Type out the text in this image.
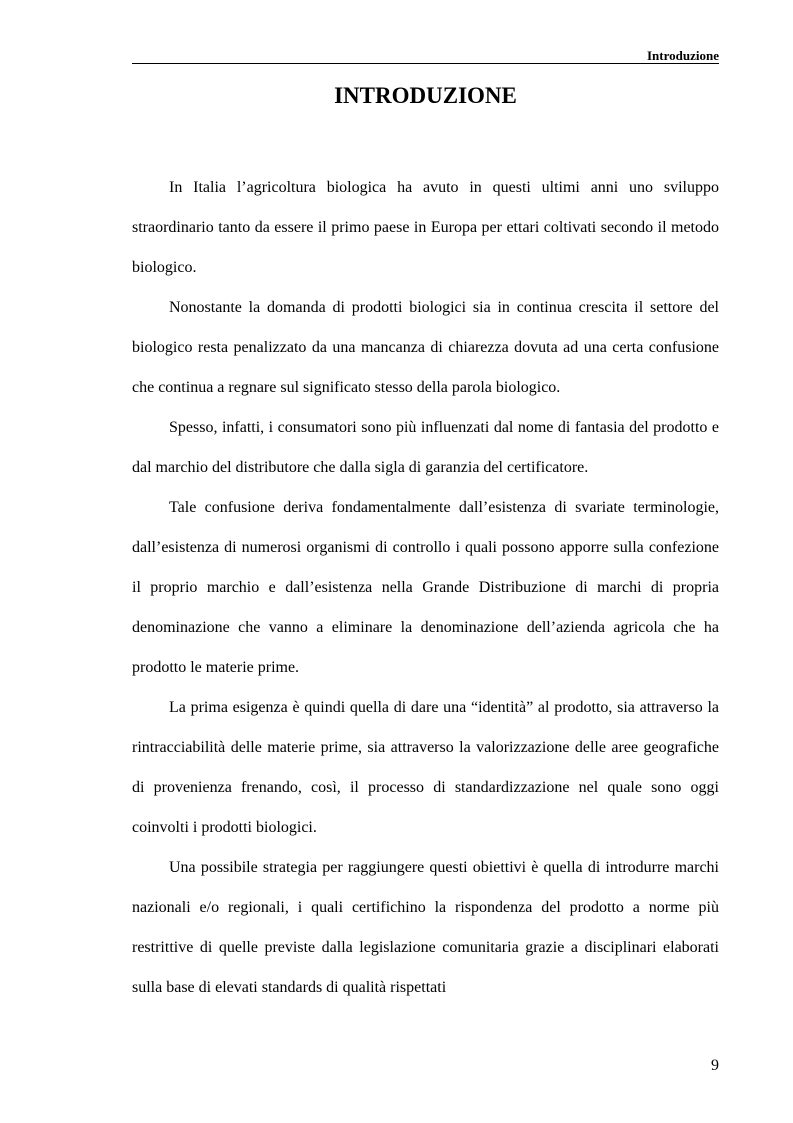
Introduzione
INTRODUZIONE

In Italia l’agricoltura biologica ha avuto in questi ultimi anni uno sviluppo straordinario tanto da essere il primo paese in Europa per ettari coltivati secondo il metodo biologico.

Nonostante la domanda di prodotti biologici sia in continua crescita il settore del biologico resta penalizzato da una mancanza di chiarezza dovuta ad una certa confusione che continua a regnare sul significato stesso della parola biologico.

Spesso, infatti, i consumatori sono più influenzati dal nome di fantasia del prodotto e dal marchio del distributore che dalla sigla di garanzia del certificatore.

Tale confusione deriva fondamentalmente dall’esistenza di svariate terminologie, dall’esistenza di numerosi organismi di controllo i quali possono apporre sulla confezione il proprio marchio e dall’esistenza nella Grande Distribuzione di marchi di propria denominazione che vanno a eliminare la denominazione dell’azienda agricola che ha prodotto le materie prime.

La prima esigenza è quindi quella di dare una “identità” al prodotto, sia attraverso la rintracciabilità delle materie prime, sia attraverso la valorizzazione delle aree geografiche di provenienza frenando, così, il processo di standardizzazione nel quale sono oggi coinvolti i prodotti biologici.

Una possibile strategia per raggiungere questi obiettivi è quella di introdurre marchi nazionali e/o regionali, i quali certifichino la rispondenza del prodotto a norme più restrittive di quelle previste dalla legislazione comunitaria grazie a disciplinari elaborati sulla base di elevati standards di qualità rispettati

9
